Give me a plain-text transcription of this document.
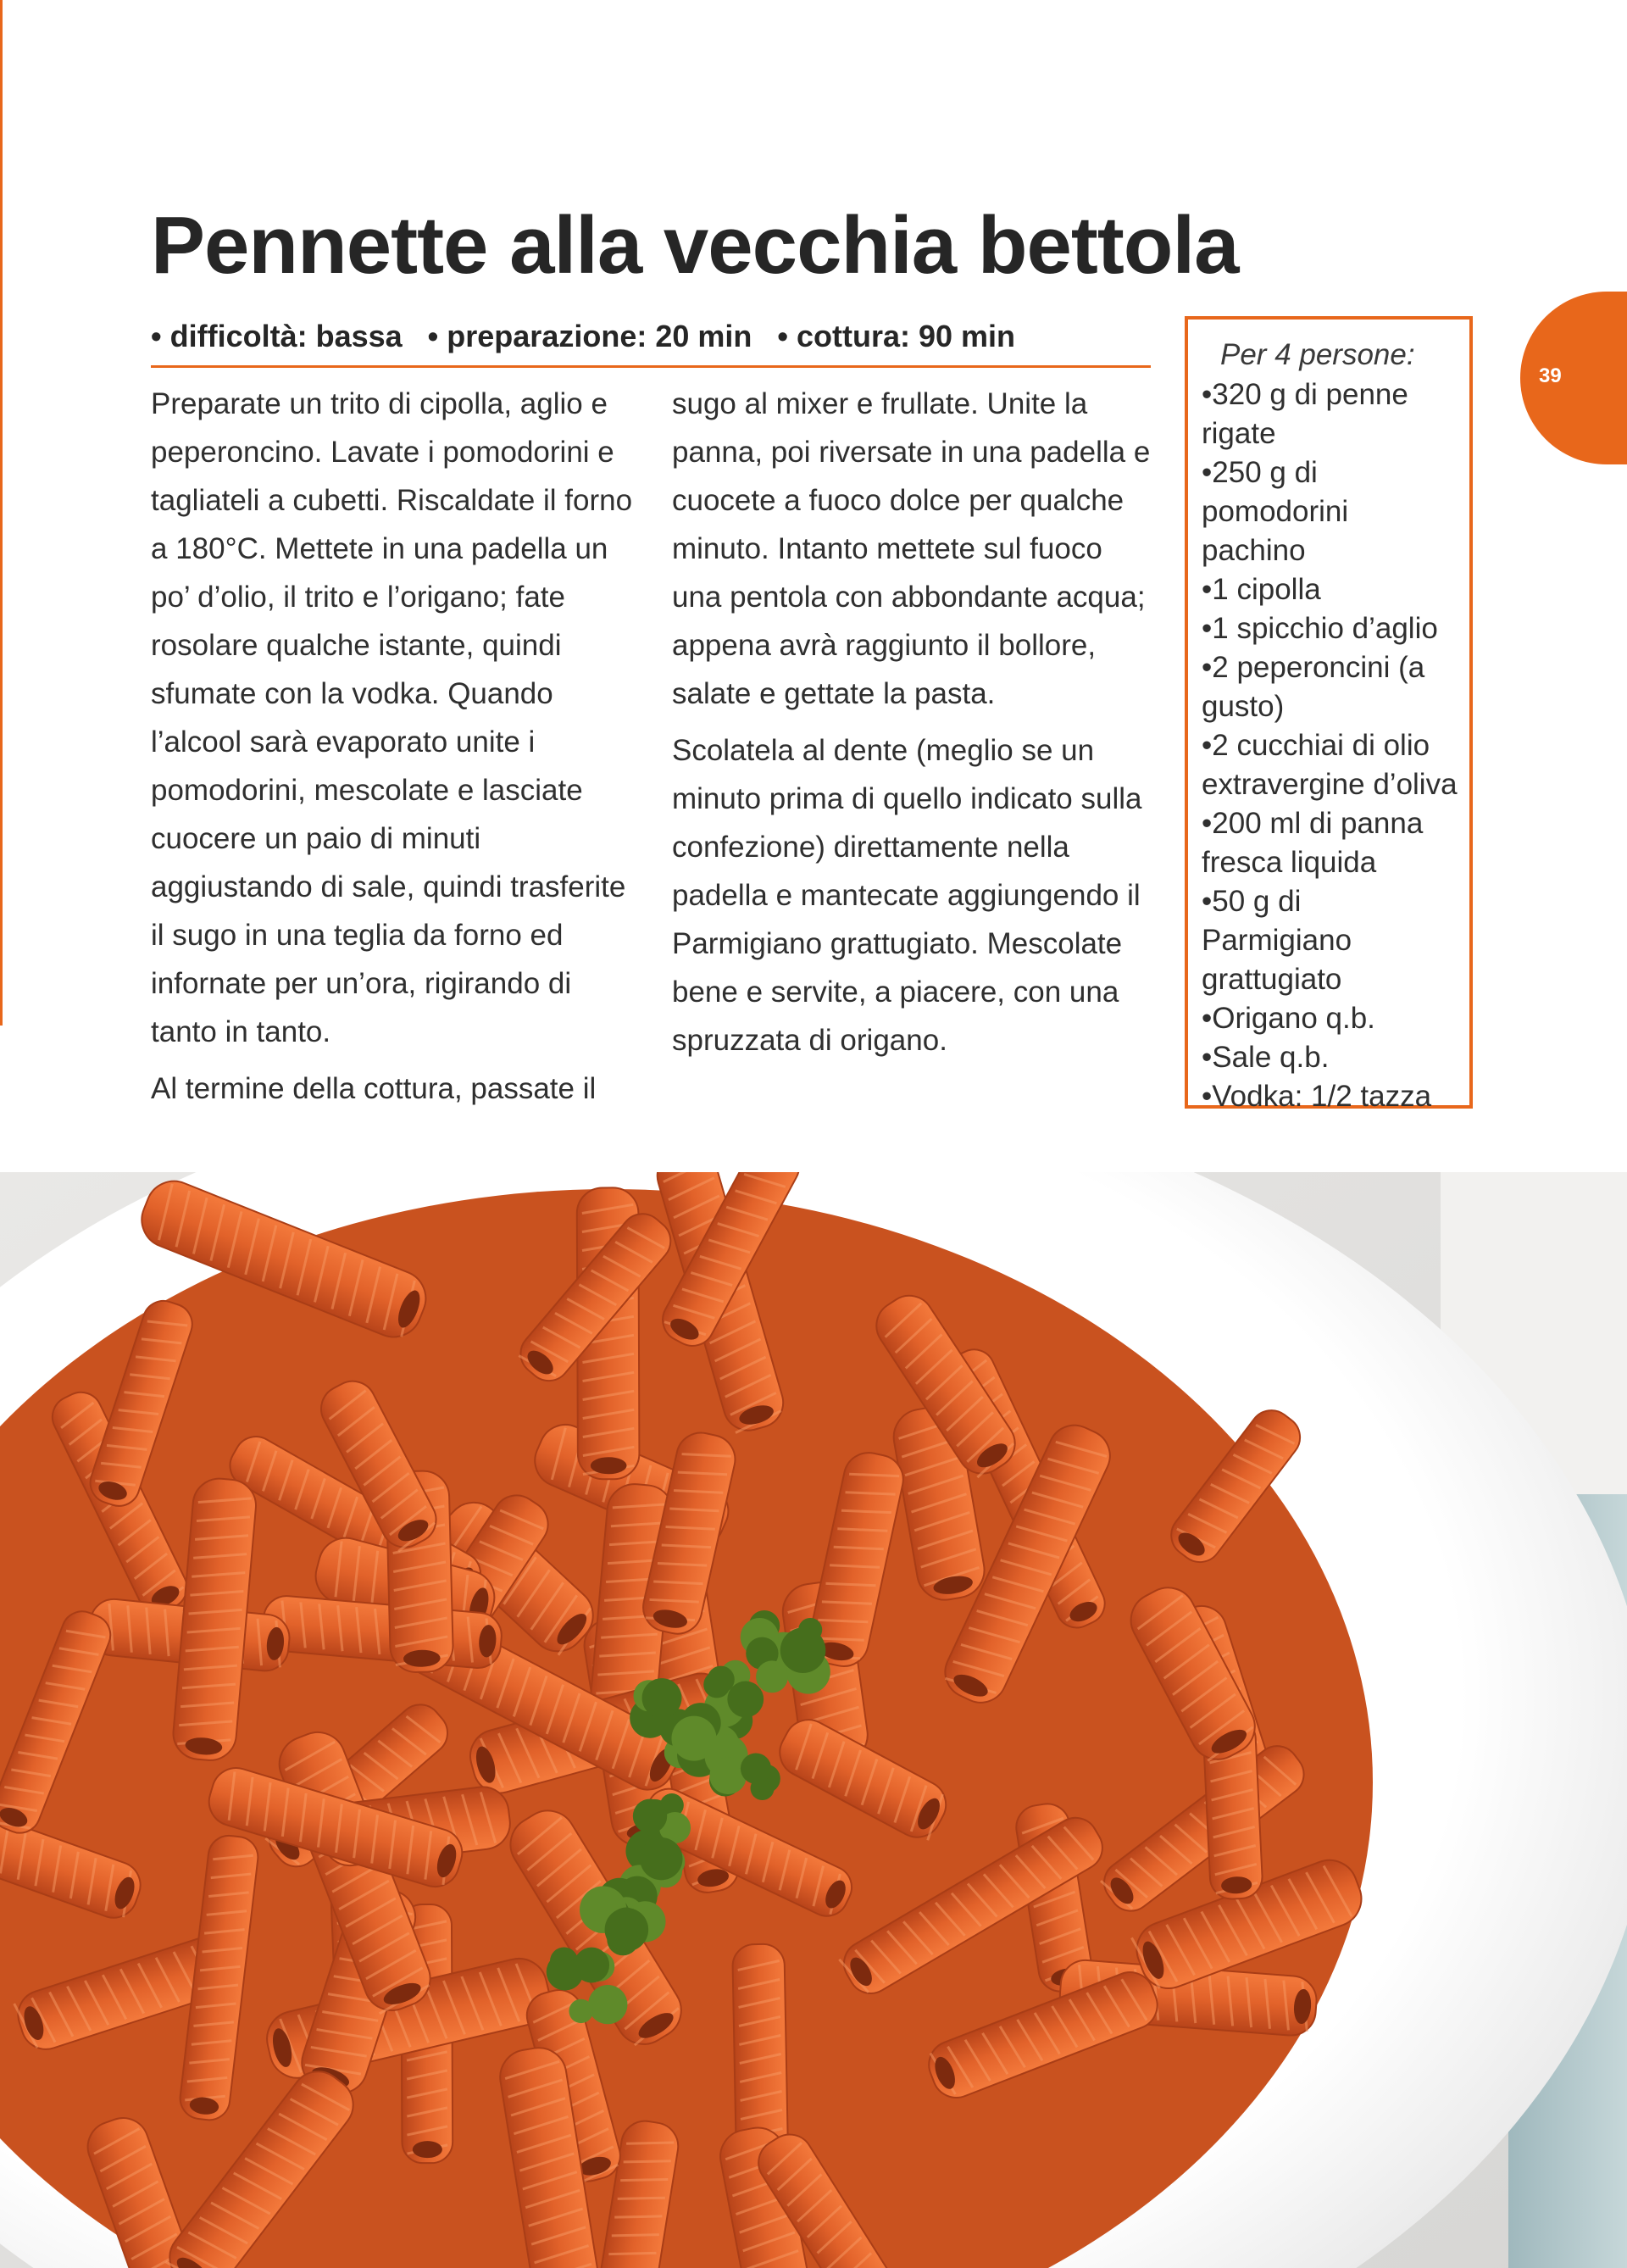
Pennette alla vecchia bettola
• difficoltà: bassa • preparazione: 20 min • cottura: 90 min

Preparate un trito di cipolla, aglio e peperoncino. Lavate i pomodorini e tagliateli a cubetti. Riscaldate il forno a 180°C. Mettete in una padella un po’ d’olio, il trito e l’origano; fate rosolare qualche istante, quindi sfumate con la vodka. Quando l’alcool sarà evaporato unite i pomodorini, mescolate e lasciate cuocere un paio di minuti aggiustando di sale, quindi trasferite il sugo in una teglia da forno ed infornate per un’ora, rigirando di tanto in tanto.

Al termine della cottura, passate il

sugo al mixer e frullate. Unite la panna, poi riversate in una padella e cuocete a fuoco dolce per qualche minuto. Intanto mettete sul fuoco una pentola con abbondante acqua; appena avrà raggiunto il bollore, salate e gettate la pasta.

Scolatela al dente (meglio se un minuto prima di quello indicato sulla confezione) direttamente nella padella e mantecate aggiungendo il Parmigiano grattugiato. Mescolate bene e servite, a piacere, con una spruzzata di origano.

Per 4 persone:
• 320 g di penne rigate
• 250 g di pomodorini pachino
• 1 cipolla
• 1 spicchio d’aglio
• 2 peperoncini (a gusto)
• 2 cucchiai di olio extravergine d’oliva
• 200 ml di panna fresca liquida
• 50 g di Parmigiano grattugiato
• Origano q.b.
• Sale q.b.
• Vodka: 1/2 tazza
39
